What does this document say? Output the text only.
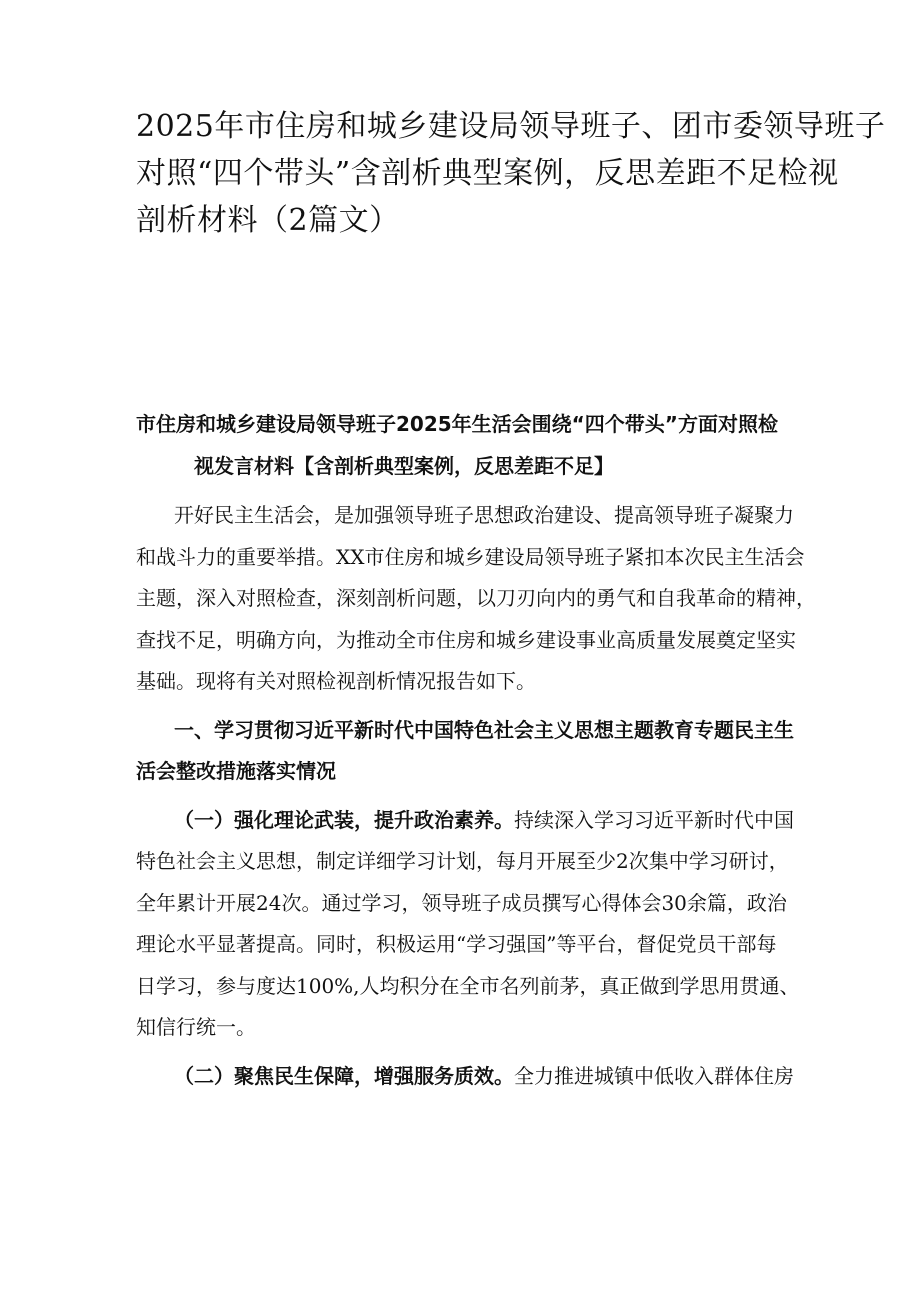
2025年市住房和城乡建设局领导班子、团市委领导班子
对照“四个带头”含剖析典型案例，反思差距不足检视
剖析材料（2篇文）
市住房和城乡建设局领导班子2025年生活会围绕“四个带头”方面对照检
视发言材料【含剖析典型案例，反思差距不足】

开好民主生活会，是加强领导班子思想政治建设、提高领导班子凝聚力
和战斗力的重要举措。XX市住房和城乡建设局领导班子紧扣本次民主生活会
主题，深入对照检查，深刻剖析问题，以刀刃向内的勇气和自我革命的精神，
查找不足，明确方向，为推动全市住房和城乡建设事业高质量发展奠定坚实
基础。现将有关对照检视剖析情况报告如下。

一、学习贯彻习近平新时代中国特色社会主义思想主题教育专题民主生
活会整改措施落实情况

（一）强化理论武装，提升政治素养。持续深入学习习近平新时代中国
特色社会主义思想，制定详细学习计划，每月开展至少2次集中学习研讨，
全年累计开展24次。通过学习，领导班子成员撰写心得体会30余篇，政治
理论水平显著提高。同时，积极运用“学习强国”等平台，督促党员干部每
日学习，参与度达100%,人均积分在全市名列前茅，真正做到学思用贯通、
知信行统一。

（二）聚焦民生保障，增强服务质效。全力推进城镇中低收入群体住房
